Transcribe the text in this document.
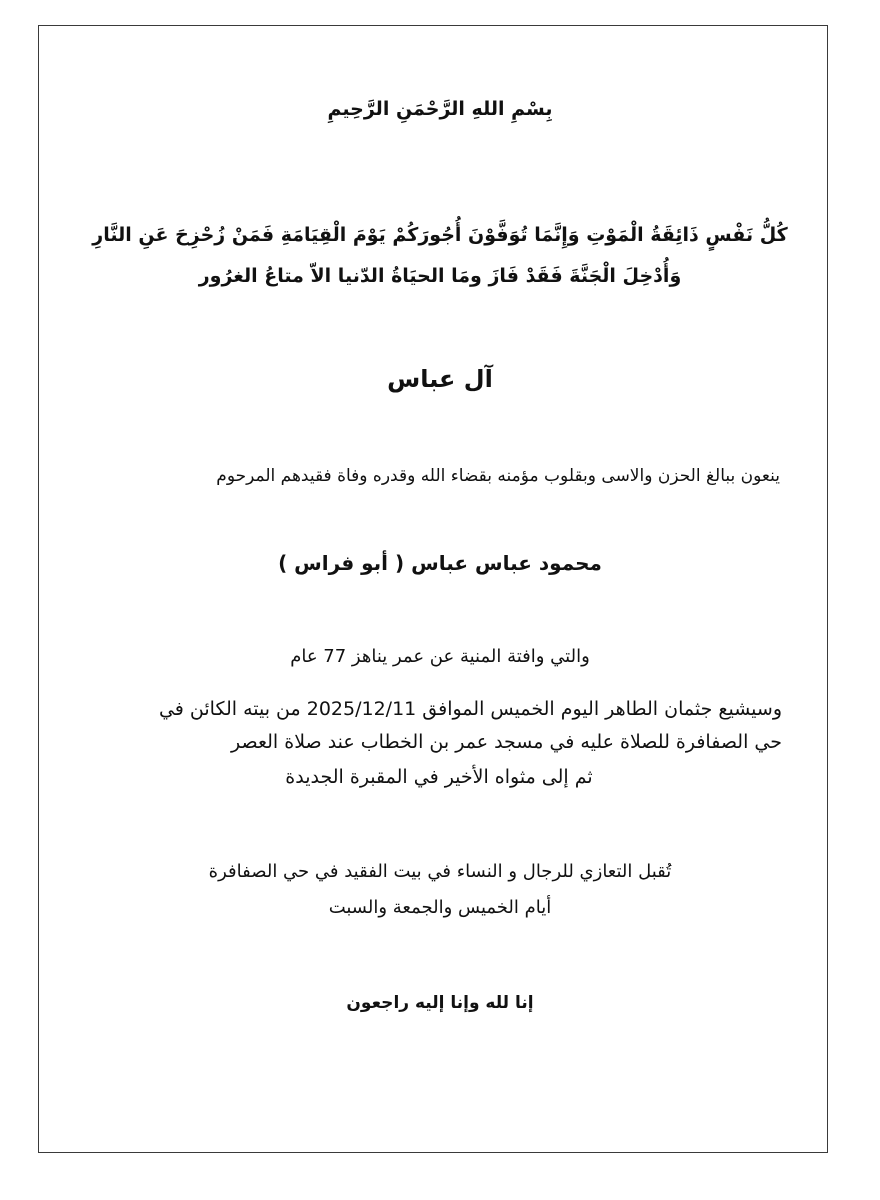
بِسْمِ اللهِ الرَّحْمَنِ الرَّحِيمِ
كُلُّ نَفْسٍ ذَائِقَةُ الْمَوْتِ وَإِنَّمَا تُوَفَّوْنَ أُجُورَكُمْ يَوْمَ الْقِيَامَةِ فَمَنْ زُحْزِحَ عَنِ النَّارِ
وَأُدْخِلَ الْجَنَّةَ فَقَدْ فَازَ ومَا الحيَاةُ الدّنيا الاّ متاعُ الغرُور
آل عباس
ينعون ببالغ الحزن والاسى وبقلوب مؤمنه بقضاء الله وقدره وفاة فقيدهم المرحوم
محمود عباس عباس ( أبو فراس )
والتي وافتة المنية عن عمر يناهز 77 عام
وسيشيع جثمان الطاهر اليوم الخميس الموافق 2025/12/11 من بيته الكائن في
حي الصفافرة للصلاة عليه في مسجد عمر بن الخطاب عند صلاة العصر
ثم إلى مثواه الأخير في المقبرة الجديدة
تُقبل التعازي للرجال و النساء في بيت الفقيد في حي الصفافرة
أيام الخميس والجمعة والسبت
إنا لله وإنا إليه راجعون
